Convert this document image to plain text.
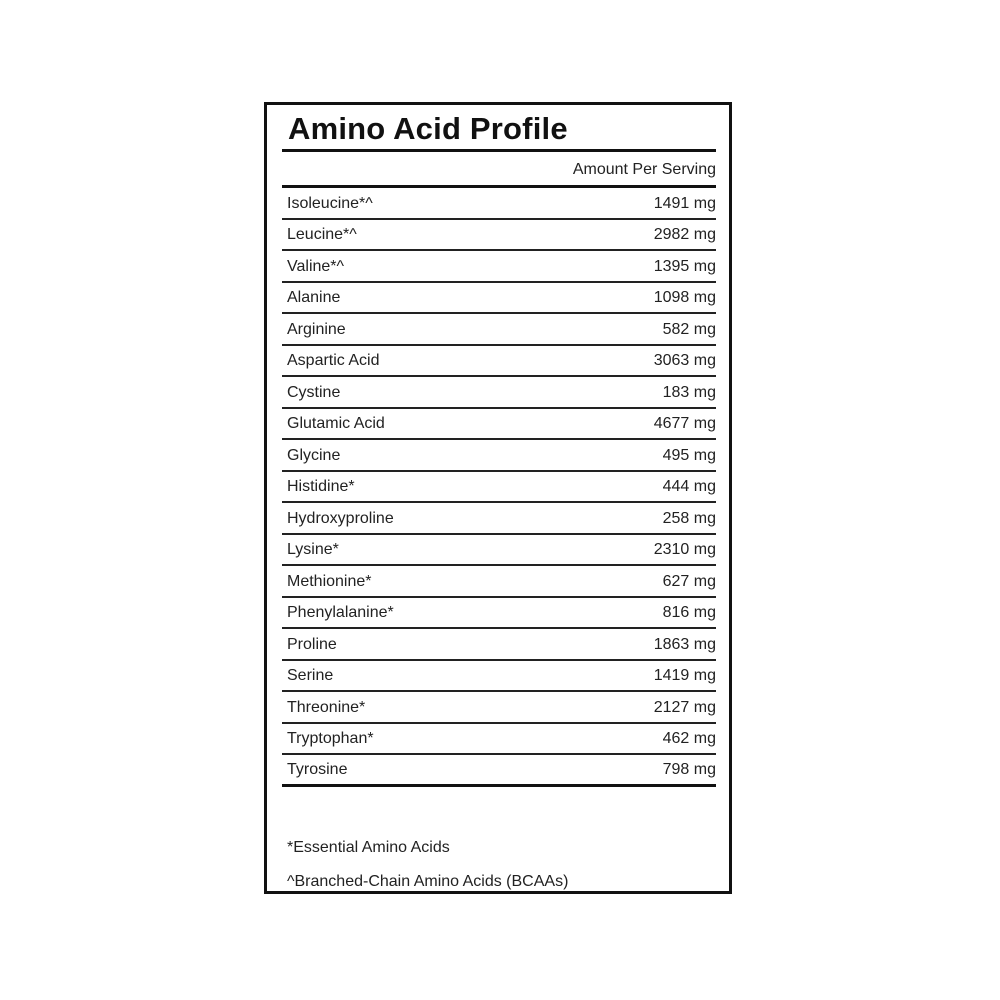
Amino Acid Profile
Amount Per Serving
Isoleucine*^	1491 mg
Leucine*^	2982 mg
Valine*^	1395 mg
Alanine	1098 mg
Arginine	582 mg
Aspartic Acid	3063 mg
Cystine	183 mg
Glutamic Acid	4677 mg
Glycine	495 mg
Histidine*	444 mg
Hydroxyproline	258 mg
Lysine*	2310 mg
Methionine*	627 mg
Phenylalanine*	816 mg
Proline	1863 mg
Serine	1419 mg
Threonine*	2127 mg
Tryptophan*	462 mg
Tyrosine	798 mg
*Essential Amino Acids
^Branched-Chain Amino Acids (BCAAs)
